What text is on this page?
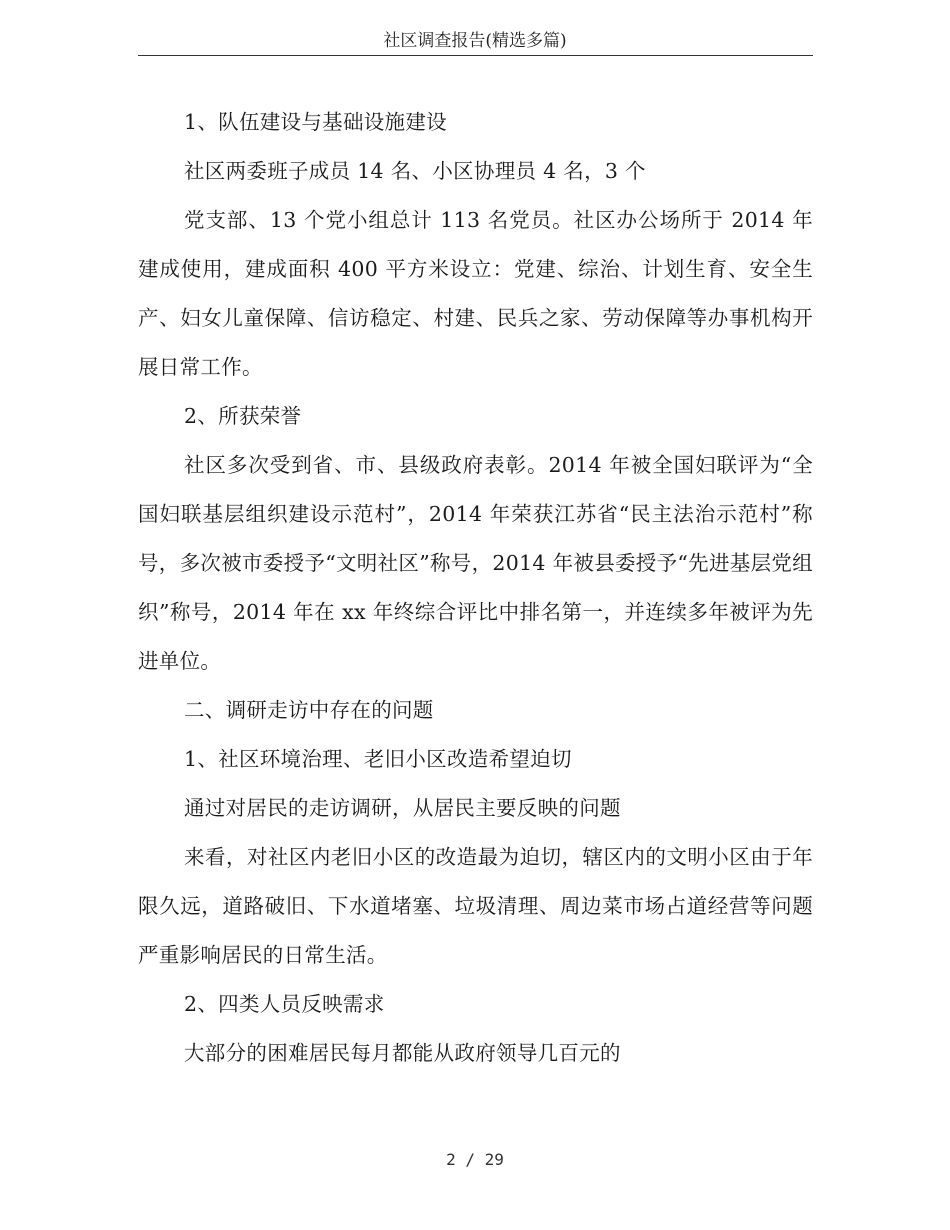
社区调查报告(精选多篇)

1、队伍建设与基础设施建设

社区两委班子成员 14 名、小区协理员 4 名，3 个

党支部、13 个党小组总计 113 名党员。社区办公场所于 2014 年建成使用，建成面积 400 平方米设立：党建、综治、计划生育、安全生产、妇女儿童保障、信访稳定、村建、民兵之家、劳动保障等办事机构开展日常工作。

2、所获荣誉

社区多次受到省、市、县级政府表彰。2014 年被全国妇联评为“全国妇联基层组织建设示范村”，2014 年荣获江苏省“民主法治示范村”称号，多次被市委授予“文明社区”称号，2014 年被县委授予“先进基层党组织”称号，2014 年在 xx 年终综合评比中排名第一，并连续多年被评为先进单位。

二、调研走访中存在的问题

1、社区环境治理、老旧小区改造希望迫切

通过对居民的走访调研，从居民主要反映的问题

来看，对社区内老旧小区的改造最为迫切，辖区内的文明小区由于年限久远，道路破旧、下水道堵塞、垃圾清理、周边菜市场占道经营等问题严重影响居民的日常生活。

2、四类人员反映需求

大部分的困难居民每月都能从政府领导几百元的

2 / 29
